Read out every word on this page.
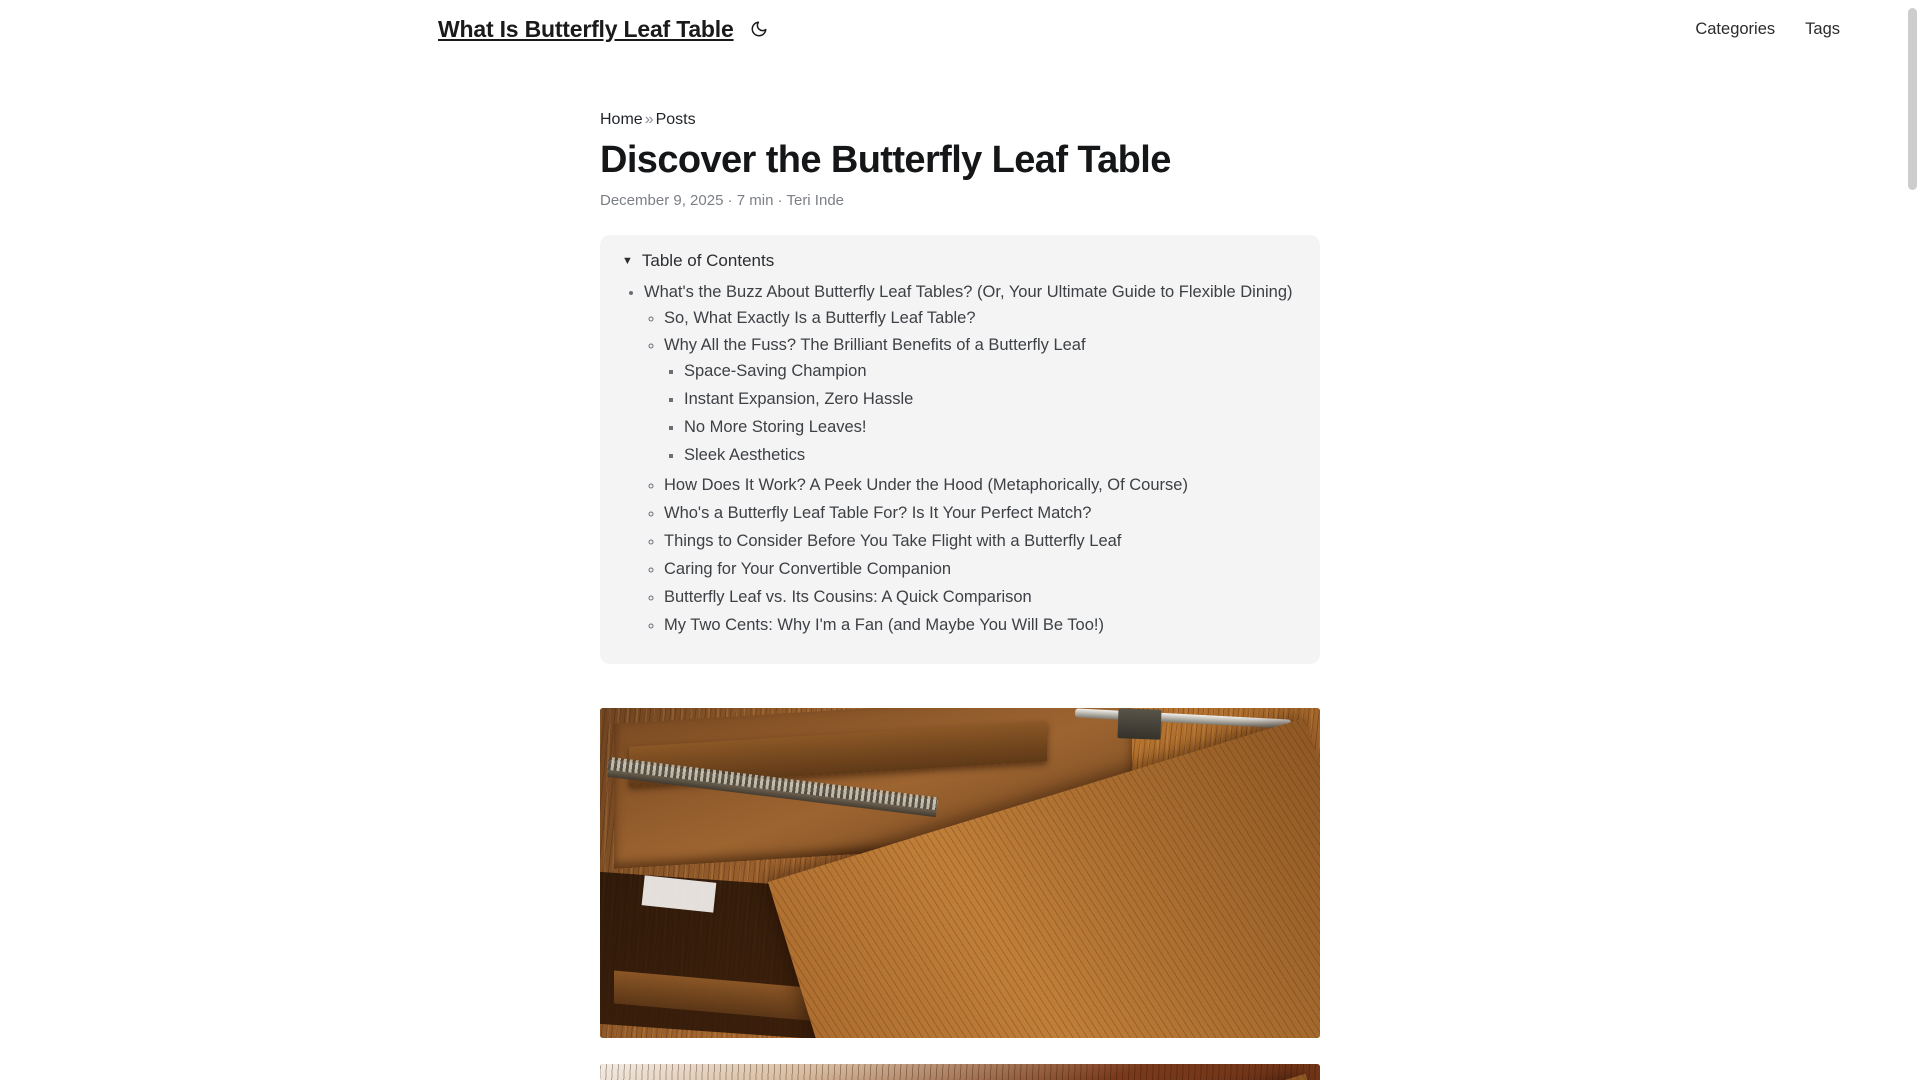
What Is Butterfly Leaf Table	Categories Tags
Home » Posts
Discover the Butterfly Leaf Table
December 9, 2025 · 7 min · Teri Inde
▼ Table of Contents
• What's the Buzz About Butterfly Leaf Tables? (Or, Your Ultimate Guide to Flexible Dining)
◦ So, What Exactly Is a Butterfly Leaf Table?
◦ Why All the Fuss? The Brilliant Benefits of a Butterfly Leaf
▪ Space-Saving Champion
▪ Instant Expansion, Zero Hassle
▪ No More Storing Leaves!
▪ Sleek Aesthetics
◦ How Does It Work? A Peek Under the Hood (Metaphorically, Of Course)
◦ Who's a Butterfly Leaf Table For? Is It Your Perfect Match?
◦ Things to Consider Before You Take Flight with a Butterfly Leaf
◦ Caring for Your Convertible Companion
◦ Butterfly Leaf vs. Its Cousins: A Quick Comparison
◦ My Two Cents: Why I'm a Fan (and Maybe You Will Be Too!)
